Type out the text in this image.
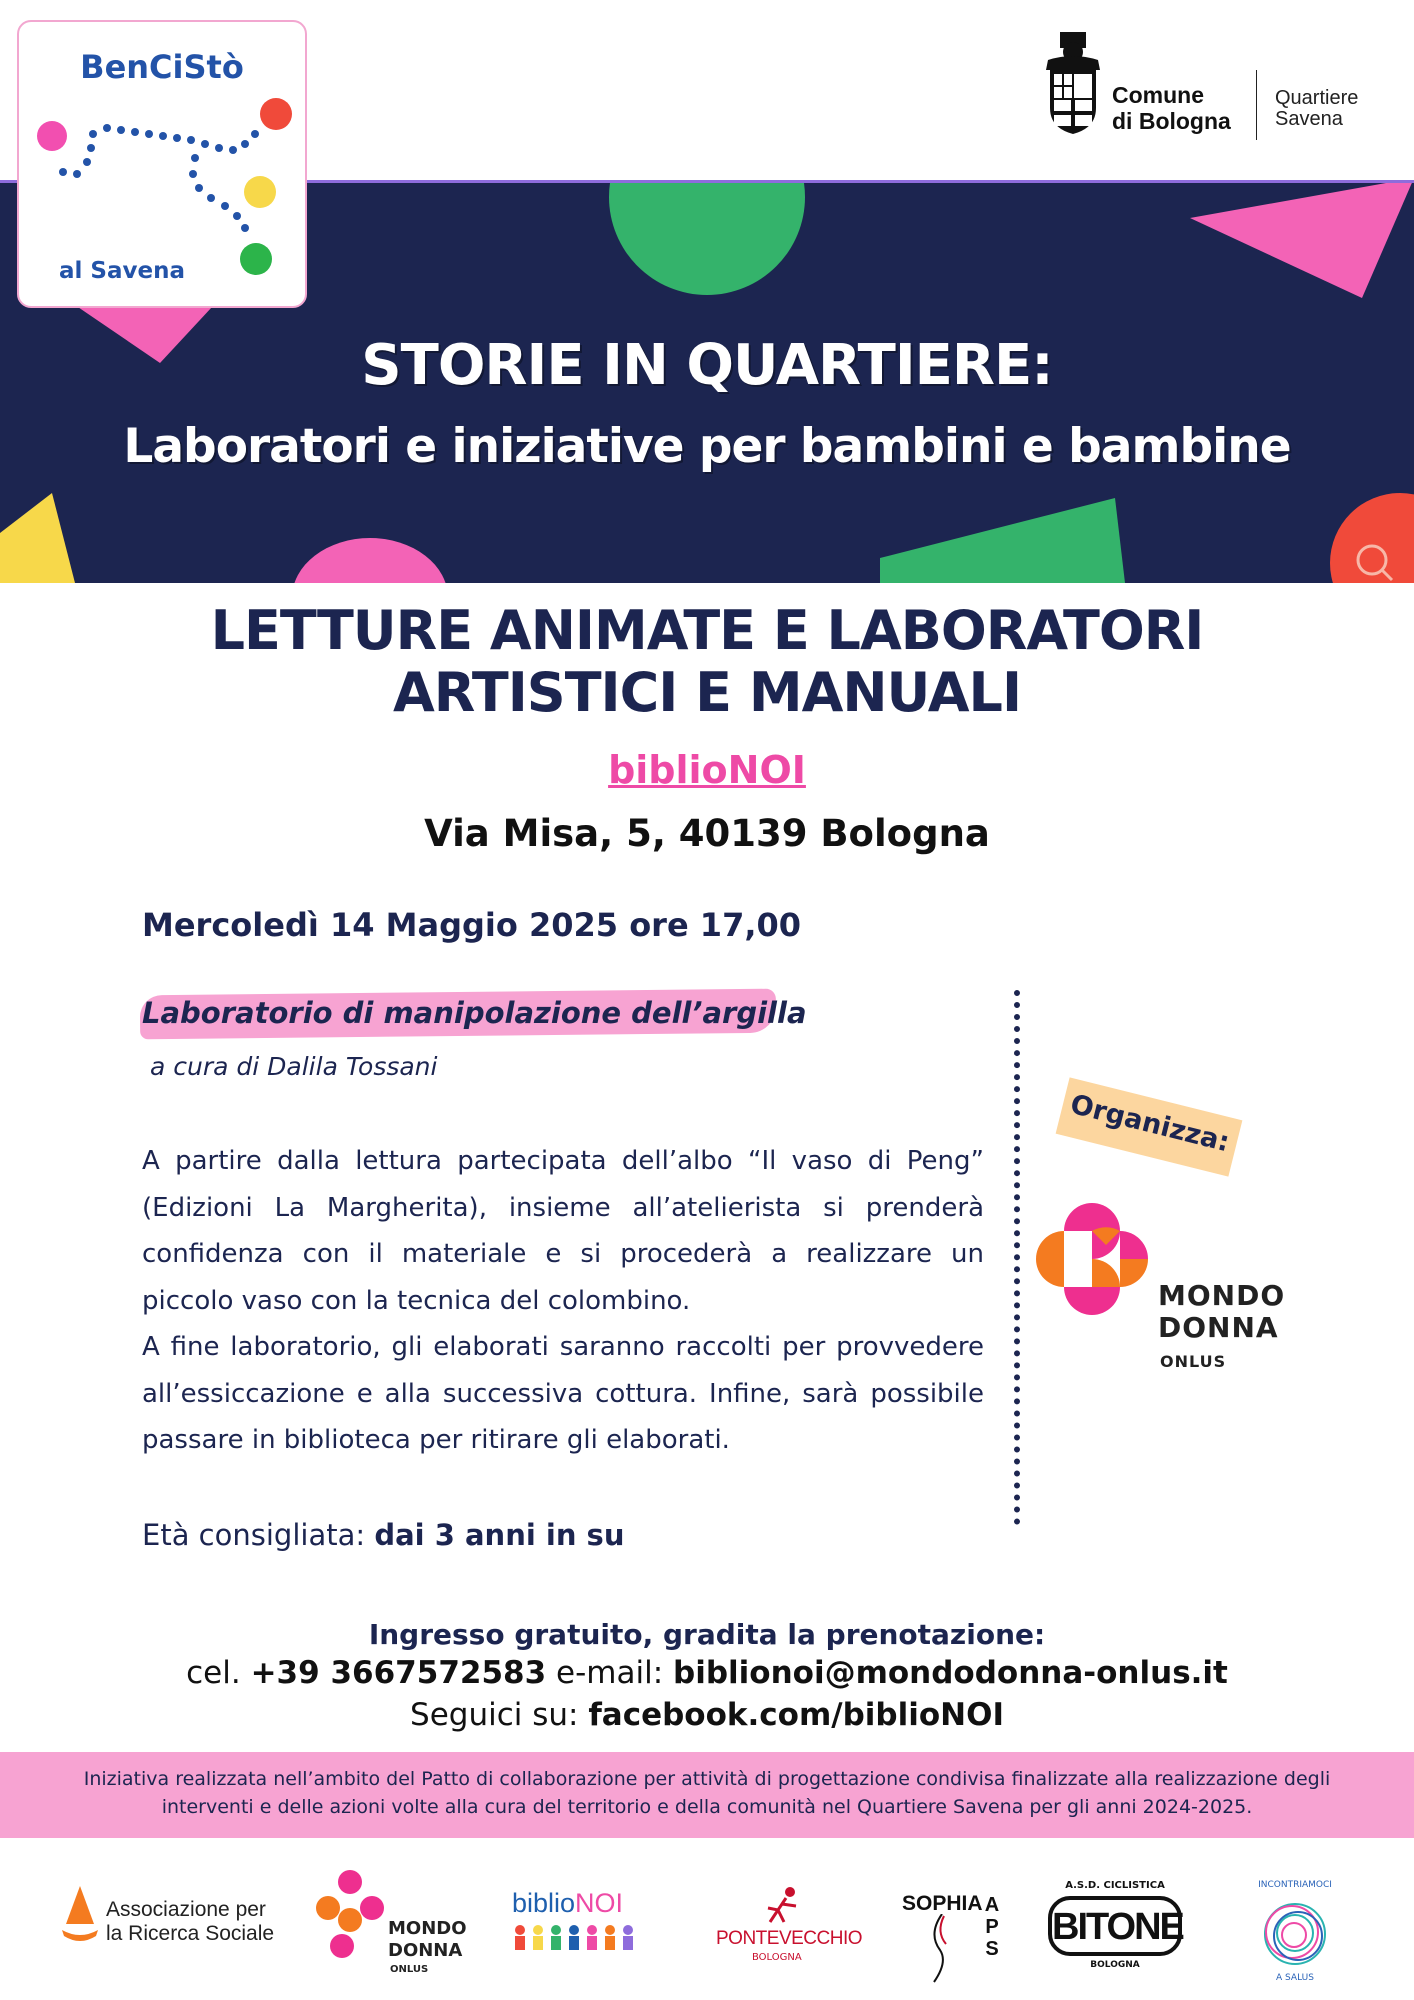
BenCiStò
al Savena
Comune
di Bologna
Quartiere
Savena
STORIE IN QUARTIERE:
Laboratori e iniziative per bambini e bambine
LETTURE ANIMATE E LABORATORI
ARTISTICI E MANUALI
biblioNOI
Via Misa, 5, 40139 Bologna
Mercoledì 14 Maggio 2025 ore 17,00
Laboratorio di manipolazione dell’argilla
a cura di Dalila Tossani

A partire dalla lettura partecipata dell’albo “Il vaso di Peng” (Edizioni La Margherita), insieme all’atelierista si prenderà confidenza con il materiale e si procederà a realizzare un piccolo vaso con la tecnica del colombino.

A fine laboratorio, gli elaborati saranno raccolti per provvedere all’essiccazione e alla successiva cottura. Infine, sarà possibile passare in biblioteca per ritirare gli elaborati.

Età consigliata: dai 3 anni in su
Organizza:
MONDO
DONNA
ONLUS
Ingresso gratuito, gradita la prenotazione:
cel. +39 3667572583 e-mail: biblionoi@mondodonna-onlus.it
Seguici su: facebook.com/biblioNOI

Iniziativa realizzata nell’ambito del Patto di collaborazione per attività di progettazione condivisa finalizzate alla realizzazione degli

interventi e delle azioni volte alla cura del territorio e della comunità nel Quartiere Savena per gli anni 2024-2025.

Associazione per
la Ricerca Sociale	MONDO
DONNA
ONLUS
biblioNOI
PONTEVECCHIO
BOLOGNA
SOPHIA A
P
S
A.S.D. CICLISTICA
BITONE
BOLOGNA
INCONTRIAMOCI
A SALUS
